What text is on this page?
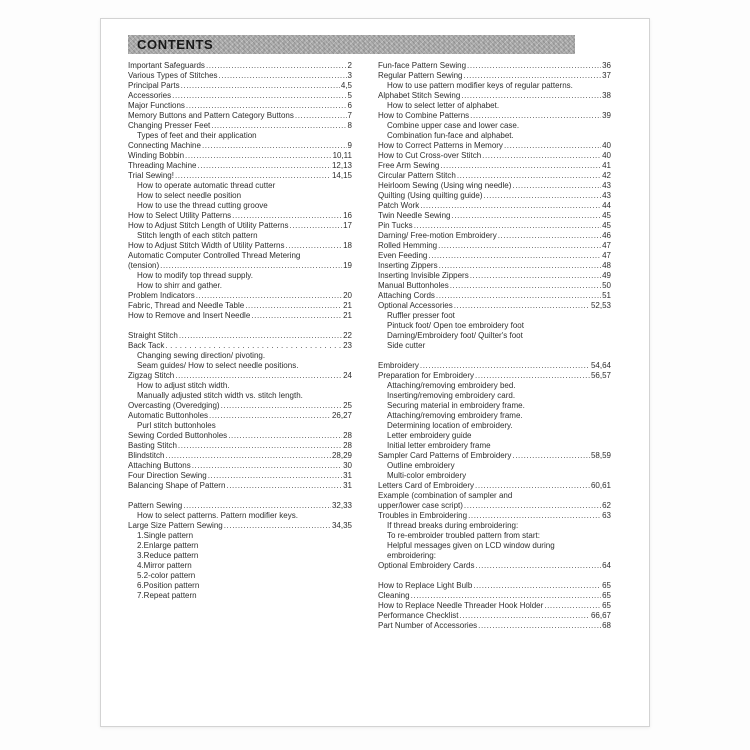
CONTENTS
Important Safeguards .....	2
Various Types of Stitches .....	3
Principal Parts .....	4,5
Accessories .....	5
Major Functions .....	6
Memory Buttons and Pattern Category Buttons .....	7
Changing Presser Feet .....	8
Types of feet and their application
Connecting Machine .....	9
Winding Bobbin .....	10,11
Threading Machine .....	12,13
Trial Sewing! .....	14,15
How to operate automatic thread cutter
How to select needle position
How to use the thread cutting groove
How to Select Utility Patterns .....	16
How to Adjust Stitch Length of Utility Patterns .....	17
Stitch length of each stitch pattern
How to Adjust Stitch Width of Utility Patterns .....	18
Automatic Computer Controlled Thread Metering
(tension) .....	19
How to modify top thread supply.
How to shirr and gather.
Problem Indicators .....	20
Fabric, Thread and Needle Table .....	21
How to Remove and Insert Needle .....	21
Straight Stitch .....	22
Back Tack .....	23
Changing sewing direction/ pivoting.
Seam guides/ How to select needle positions.
Zigzag Stitch .....	24
How to adjust stitch width.
Manually adjusted stitch width vs. stitch length.
Overcasting (Overedging) .....	25
Automatic Buttonholes .....	26,27
Purl stitch buttonholes
Sewing Corded Buttonholes .....	28
Basting Stitch .....	28
Blindstitch .....	28,29
Attaching Buttons .....	30
Four Direction Sewing .....	31
Balancing Shape of Pattern .....	31
Pattern Sewing .....	32,33
How to select patterns. Pattern modifier keys.
Large Size Pattern Sewing .....	34,35
1.Single pattern
2.Enlarge pattern
3.Reduce pattern
4.Mirror pattern
5.2-color pattern
6.Position pattern
7.Repeat pattern
Fun-face Pattern Sewing .....	36
Regular Pattern Sewing .....	37
How to use pattern modifier keys of regular patterns.
Alphabet Stitch Sewing .....	38
How to select letter of alphabet.
How to Combine Patterns .....	39
Combine upper case and lower case.
Combination fun-face and alphabet.
How to Correct Patterns in Memory .....	40
How to Cut Cross-over Stitch .....	40
Free Arm Sewing .....	41
Circular Pattern Stitch .....	42
Heirloom Sewing (Using wing needle) .....	43
Quilting (Using quilting guide) .....	43
Patch Work .....	44
Twin Needle Sewing .....	45
Pin Tucks .....	45
Darning/ Free-motion Embroidery .....	46
Rolled Hemming .....	47
Even Feeding .....	47
Inserting Zippers .....	48
Inserting Invisible Zippers .....	49
Manual Buttonholes .....	50
Attaching Cords .....	51
Optional Accessories .....	52,53
Ruffler presser foot
Pintuck foot/ Open toe embroidery foot
Darning/Embroidery foot/ Quilter's foot
Side cutter
Embroidery .....	54,64
Preparation for Embroidery .....	56,57
Attaching/removing embroidery bed.
Inserting/removing embroidery card.
Securing material in embroidery frame.
Attaching/removing embroidery frame.
Determining location of embroidery.
Letter embroidery guide
Initial letter embroidery frame
Sampler Card Patterns of Embroidery .....	58,59
Outline embroidery
Multi-color embroidery
Letters Card of Embroidery .....	60,61
Example (combination of sampler and
upper/lower case script) .....	62
Troubles in Embroidering .....	63
If thread breaks during embroidering:
To re-embroider troubled pattern from start:
Helpful messages given on LCD window during
embroidering:
Optional Embroidery Cards .....	64
How to Replace Light Bulb .....	65
Cleaning .....	65
How to Replace Needle Threader Hook Holder .....	65
Performance Checklist .....	66,67
Part Number of Accessories .....	68
